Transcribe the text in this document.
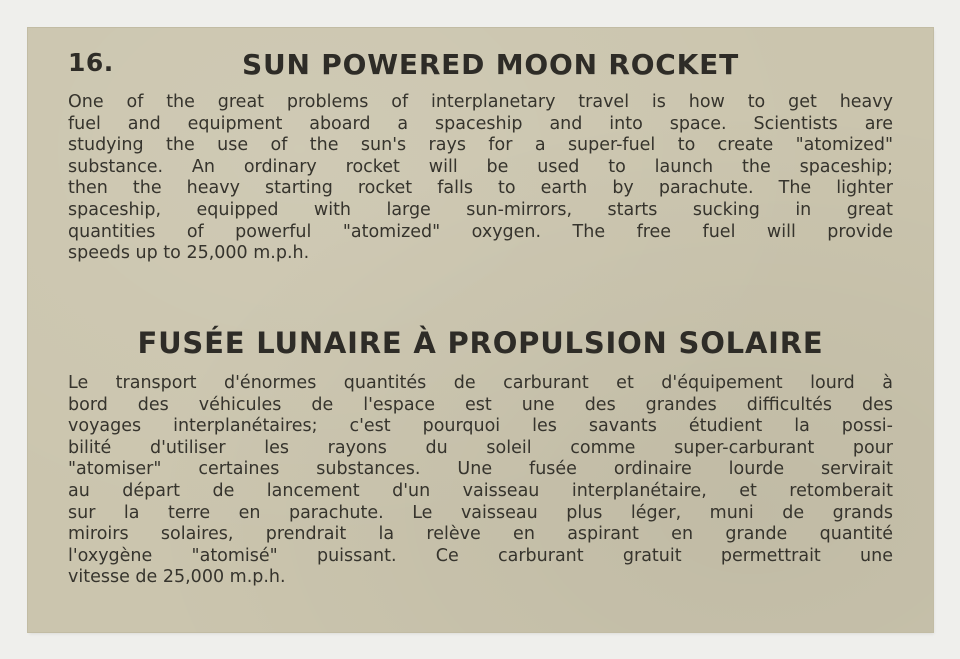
16.	SUN POWERED MOON ROCKET
One of the great problems of interplanetary travel is how to get heavy
fuel and equipment aboard a spaceship and into space. Scientists are
studying the use of the sun's rays for a super-fuel to create "atomized"
substance. An ordinary rocket will be used to launch the spaceship;
then the heavy starting rocket falls to earth by parachute. The lighter
spaceship, equipped with large sun-mirrors, starts sucking in great
quantities of powerful "atomized" oxygen. The free fuel will provide
speeds up to 25,000 m.p.h.
FUSÉE LUNAIRE À PROPULSION SOLAIRE
Le transport d'énormes quantités de carburant et d'équipement lourd à
bord des véhicules de l'espace est une des grandes difficultés des
voyages interplanétaires; c'est pourquoi les savants étudient la possi-
bilité d'utiliser les rayons du soleil comme super-carburant pour
"atomiser" certaines substances. Une fusée ordinaire lourde servirait
au départ de lancement d'un vaisseau interplanétaire, et retomberait
sur la terre en parachute. Le vaisseau plus léger, muni de grands
miroirs solaires, prendrait la relève en aspirant en grande quantité
l'oxygène "atomisé" puissant. Ce carburant gratuit permettrait une
vitesse de 25,000 m.p.h.
